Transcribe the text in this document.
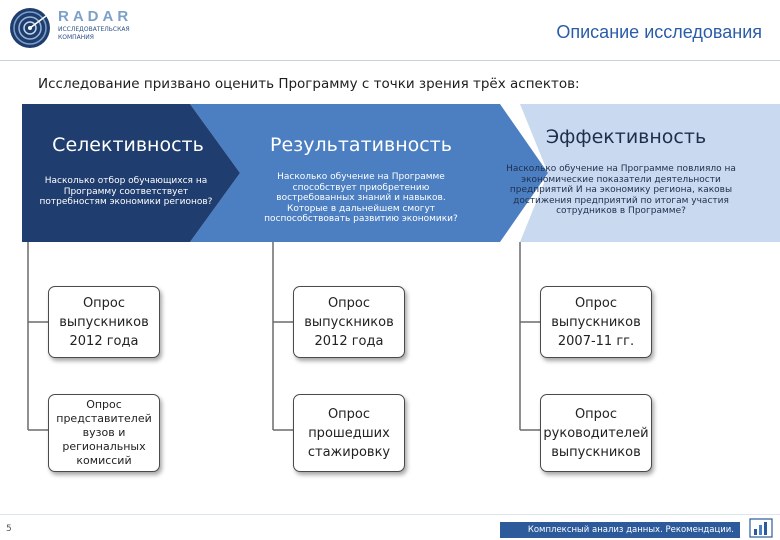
RADAR
ИССЛЕДОВАТЕЛЬСКАЯ КОМПАНИЯ	Описание исследования
Исследование призвано оценить Программу с точки зрения трёх аспектов:
Селективность
Насколько отбор обучающихся на Программу соответствует потребностям экономики регионов?
Результативность
Насколько обучение на Программе способствует приобретению востребованных знаний и навыков. Которые в дальнейшем смогут поспособствовать развитию экономики?
Эффективность
Насколько обучение на Программе повлияло на экономические показатели деятельности предприятий И на экономику региона, каковы достижения предприятий по итогам участия сотрудников в Программе?
Опрос выпускников 2012 года
Опрос представителей вузов и региональных комиссий
Опрос выпускников 2012 года
Опрос прошедших стажировку
Опрос выпускников 2007-11 гг.
Опрос руководителей выпускников
5	Комплексный анализ данных. Рекомендации.
